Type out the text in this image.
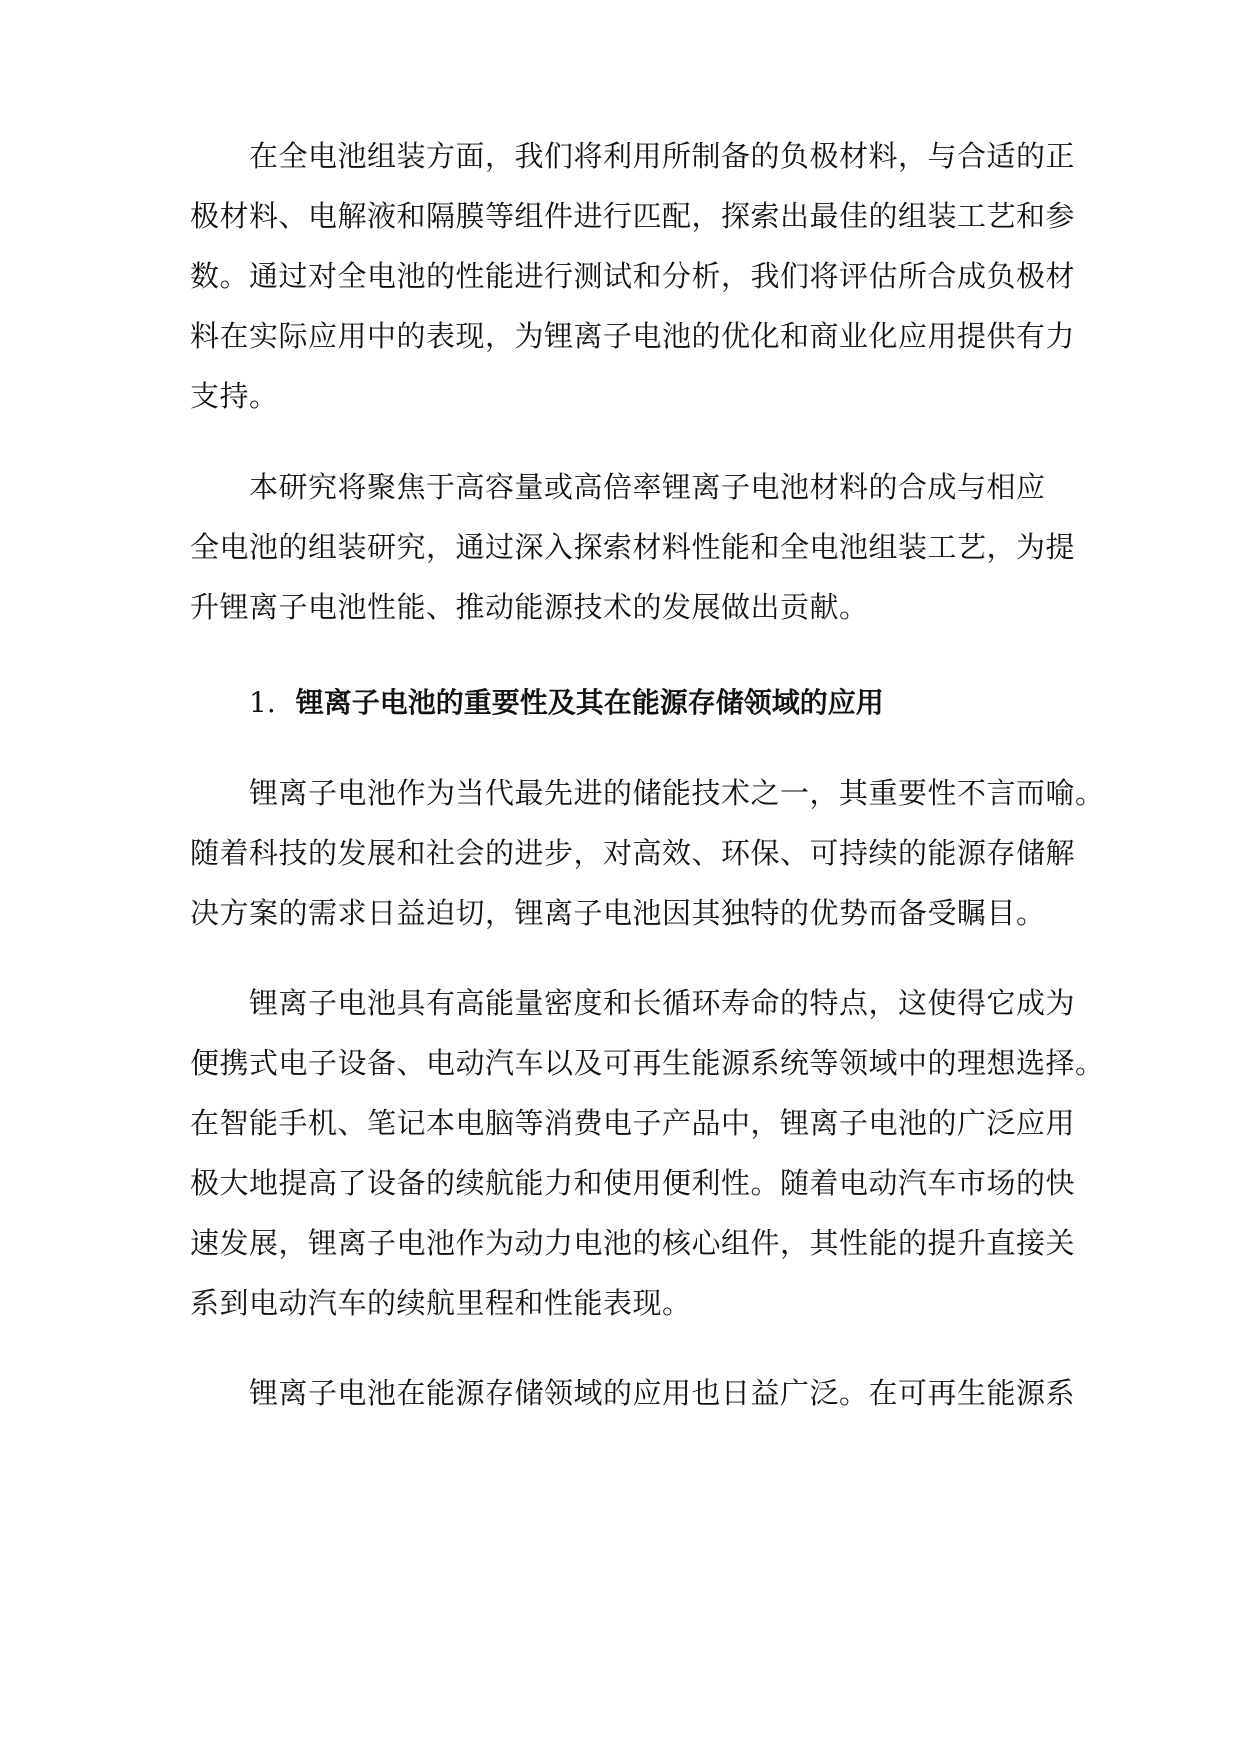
在全电池组装方面，我们将利用所制备的负极材料，与合适的正
极材料、电解液和隔膜等组件进行匹配，探索出最佳的组装工艺和参
数。通过对全电池的性能进行测试和分析，我们将评估所合成负极材
料在实际应用中的表现，为锂离子电池的优化和商业化应用提供有力
支持。
本研究将聚焦于高容量或高倍率锂离子电池材料的合成与相应
全电池的组装研究，通过深入探索材料性能和全电池组装工艺，为提
升锂离子电池性能、推动能源技术的发展做出贡献。
1. 锂离子电池的重要性及其在能源存储领域的应用
锂离子电池作为当代最先进的储能技术之一，其重要性不言而喻。
随着科技的发展和社会的进步，对高效、环保、可持续的能源存储解
决方案的需求日益迫切，锂离子电池因其独特的优势而备受瞩目。
锂离子电池具有高能量密度和长循环寿命的特点，这使得它成为
便携式电子设备、电动汽车以及可再生能源系统等领域中的理想选择。
在智能手机、笔记本电脑等消费电子产品中，锂离子电池的广泛应用
极大地提高了设备的续航能力和使用便利性。随着电动汽车市场的快
速发展，锂离子电池作为动力电池的核心组件，其性能的提升直接关
系到电动汽车的续航里程和性能表现。
锂离子电池在能源存储领域的应用也日益广泛。在可再生能源系
